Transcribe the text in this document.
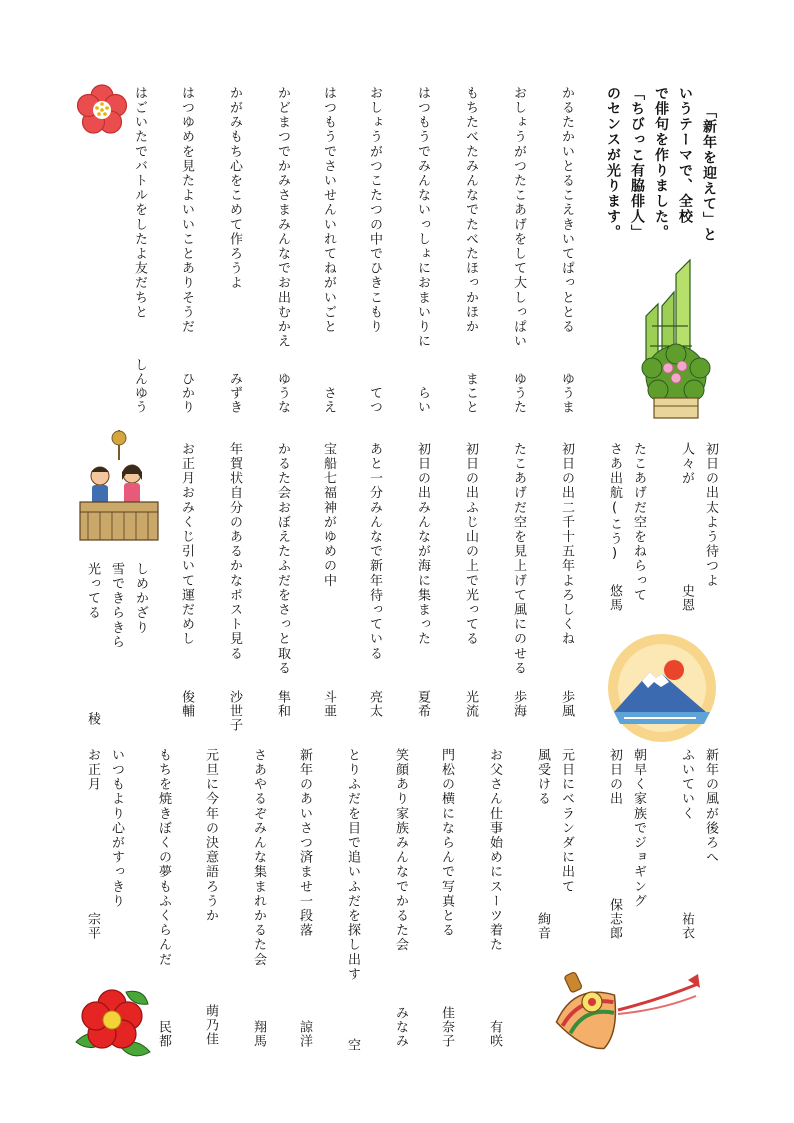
「新年を迎えて」と
いうテーマで、全校
で俳句を作りました。
「ちびっこ有脇俳人」
のセンスが光ります。
かるたかいとるこえきいてぱっととる
ゆうま
おしょうがつたこあげをして大しっぱい
ゆうた
もちたべたみんなでたべたほっかほか
まこと
はつもうでみんないっしょにおまいりに
らい
おしょうがつこたつの中でひきこもり
てつ
はつもうでさいせんいれてねがいごと
さえ
かどまつでかみさまみんなでお出むかえ
ゆうな
かがみもち心をこめて作ろうよ
みずき
はつゆめを見たよいいことありそうだ
ひかり
はごいたでバトルをしたよ友だちと
しんゆう
初日の出太よう待つよ
人々が
史恩
たこあげだ空をねらって
さあ出航(こう)
悠馬
初日の出二千十五年よろしくね
歩風
たこあげだ空を見上げて風にのせる
歩海
初日の出ふじ山の上で光ってる
光流
初日の出みんなが海に集まった
夏希
あと一分みんなで新年待っている
亮太
宝船七福神がゆめの中
斗亜
かるた会おぼえたふだをさっと取る
隼和
年賀状自分のあるかなポスト見る
沙世子
お正月おみくじ引いて運だめし
俊輔
しめかざり
雪できらきら
光ってる
稜
新年の風が後ろへ
ふいていく
祐衣
朝早く家族でジョギング
初日の出
保志郎
元日にベランダに出て
風受ける
絢音
お父さん仕事始めにスーツ着た
有咲
門松の横にならんで写真とる
佳奈子
笑顔あり家族みんなでかるた会
みなみ
とりふだを目で追いふだを探し出す
空
新年のあいさつ済ませ一段落
諒洋
さあやるぞみんな集まれかるた会
翔馬
元旦に今年の決意語ろうか
萌乃佳
もちを焼きぼくの夢もふくらんだ
民都
いつもより心がすっきり
お正月
宗平
